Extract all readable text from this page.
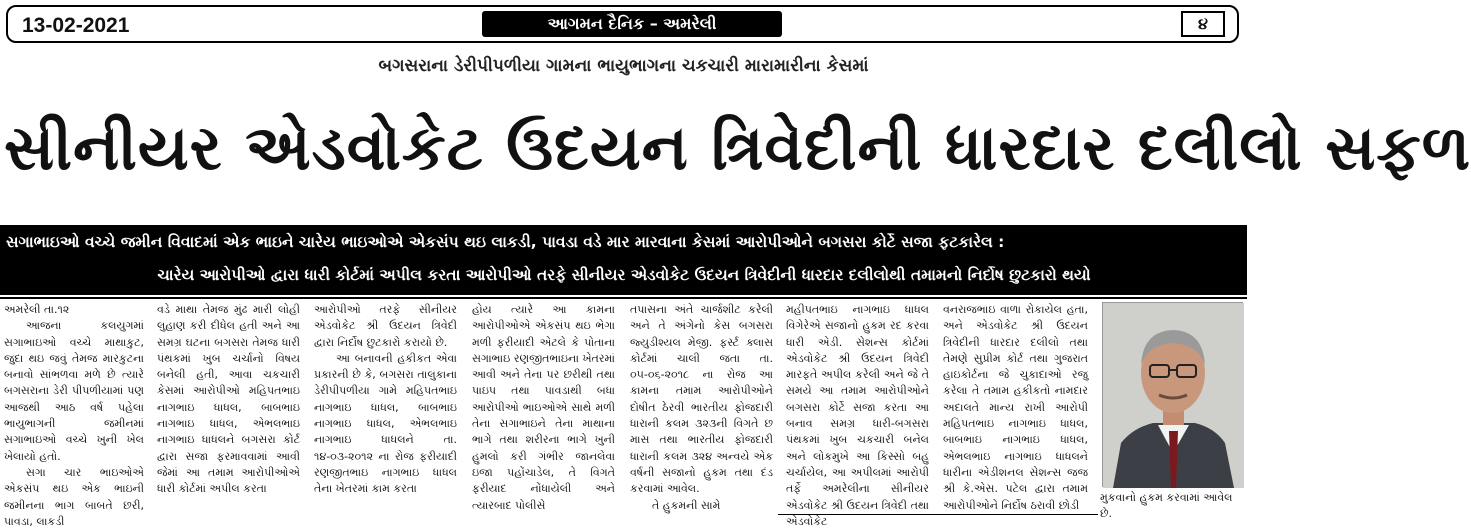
13-02-2021	આગમન દૈનિક – અમરેલી	૪
બગસરાના ડેરીપીપળીયા ગામના ભાયુભાગના ચકચારી મારામારીના કેસમાં
સીનીયર એડવોકેટ ઉદયન ત્રિવેદીની ધારદાર દલીલો સફળ
સગાભાઇઓ વચ્ચે જમીન વિવાદમાં એક ભાઇને ચારેય ભાઇઓએ એકસંપ થઇ લાકડી, પાવડા વડે માર મારવાના કેસમાં આરોપીઓને બગસરા કોર્ટે સજા ફટકારેલ :
ચારેય આરોપીઓ દ્વારા ધારી કોર્ટમાં અપીલ કરતા આરોપીઓ તરફે સીનીયર એડવોકેટ ઉદયન ત્રિવેદીની ધારદાર દલીલોથી તમામનો નિર્દોષ છુટકારો થયો

અમરેલી તા.૧૨
આજના કલયુગમાં સગાભાઇઓ વચ્ચે માથાકુટ, જુદા થઇ જવું તેમજ મારકુટના બનાવો સાંભળવા મળે છે ત્યારે બગસરાના ડેરી પીપળીયામાં પણ આજથી આઠ વર્ષ પહેલા ભાયુભાગની જમીનમાં સગાભાઇઓ વચ્ચે ખુની ખેલ ખેલાયો હતો.
સગા ચાર ભાઇઓએ એકસંપ થઇ એક ભાઇની જમીનના ભાગ બાબતે છરી, પાવડા, લાકડી

વડે માથા તેમજ મુંઢ મારી લોહી લુહાણ કરી દીધેલ હતી અને આ સમગ્ર ઘટના બગસરા તેમજ ધારી પંથકમાં ખુબ ચર્ચાનો વિષય બનેલી હતી, આવા ચકચારી કેસમાં આરોપીઓ મહિપતભાઇ નાગભાઇ ધાધલ, બાબભાઇ નાગભાઇ ધાધલ, એભલભાઇ નાગભાઇ ધાધલને બગસરા કોર્ટ દ્વારા સજા ફરમાવવામાં આવી જેમાં આ તમામ આરોપીઓએ ધારી કોર્ટમાં અપીલ કરતા

આરોપીઓ તરફે સીનીયર એડવોકેટ શ્રી ઉદયન ત્રિવેદી દ્વારા નિર્દોષ છુટકારો કરાયો છે.
આ બનાવની હકીકત એવા પ્રકારની છે કે, બગસરા તાલુકાના ડેરીપીપળીયા ગામે મહિપતભાઇ નાગભાઇ ધાધલ, બાબભાઇ નાગભાઇ ધાધલ, એભલભાઇ નાગભાઇ ધાધલને તા. ૧૪-૦૩-૨૦૧૨ ના રોજ ફરીયાદી રણજીતભાઇ નાગભાઇ ધાધલ તેના ખેતરમાં કામ કરતા

હોય ત્યારે આ કામના આરોપીઓએ એકસંપ થઇ ભેગા મળી ફરીયાદી એટલે કે પોતાના સગાભાઇ રણજીતભાઇના ખેતરમાં આવી અને તેના પર છરીથી તથા પાઇપ તથા પાવડાથી બધા આરોપીઓ ભાઇઓએ સાથે મળી તેના સગાભાઇને તેના માથાના ભાગે તથા શરીરના ભાગે ખુની હુમલો કરી ગંભીર જાનલેવા ઇજા પહોંચાડેલ, તે વિગતે ફરીયાદ નોંધાયેલી અને ત્યારબાદ પોલીસે

તપાસના અંતે ચાર્જશીટ કરેલી અને તે અંગેનો કેસ બગસરા જ્યુડીશ્યલ મેજી. ફર્સ્ટ ક્લાસ કોર્ટમાં ચાલી જતા તા. ૦૫-૦૬-૨૦૧૮ ના રોજ આ કામના તમામ આરોપીઓને દોષીત ઠેરવી ભારતીય ફોજદારી ધારાની કલમ ૩૨૩ની વિગતે છ માસ તથા ભારતીય ફોજદારી ધારાની કલમ ૩૨૪ અન્વયે એક વર્ષની સજાનો હુકમ તથા દંડ કરવામાં આવેલ.
તે હુકમની સામે

મહીપતભાઇ નાગભાઇ ધાધલ વિગેરેએ સજાનો હુકમ રદ કરવા ધારી એડી. સેશન્સ કોર્ટમાં એડવોકેટ શ્રી ઉદયન ત્રિવેદી મારફતે અપીલ કરેલી અને જે તે સમયે આ તમામ આરોપીઓને બગસરા કોર્ટે સજા કરતા આ બનાવ સમગ્ર ધારી-બગસરા પંથકમાં ખુબ ચકચારી બનેલ અને લોકમુખે આ કિસ્સો બહુ ચર્ચાયેલ, આ અપીલમાં આરોપી તર્ફે અમરેલીના સીનીયર એડવોકેટ શ્રી ઉદયન ત્રિવેદી તથા એડવોકેટ

વનરાજભાઇ વાળા રોકાયેલ હતા, અને એડવોકેટ શ્રી ઉદયન ત્રિવેદીની ધારદાર દલીલો તથા તેમણે સુપ્રીમ કોર્ટ તથા ગુજરાત હાઇકોર્ટના જે ચુકાદાઓ રજુ કરેલા તે તમામ હકીકતો નામદાર અદાલતે માન્ય રાખી આરોપી મહિપતભાઇ નાગભાઇ ધાધલ, બાબભાઇ નાગભાઇ ધાધલ, એભલભાઇ નાગભાઇ ધાધલને ધારીના એડીશનલ સેશન્સ જજ શ્રી કે.એસ. પટેલ દ્વારા તમામ આરોપીઓને નિર્દોષ ઠરાવી છોડી

મુકવાનો હુકમ કરવામાં આવેલ છે.
